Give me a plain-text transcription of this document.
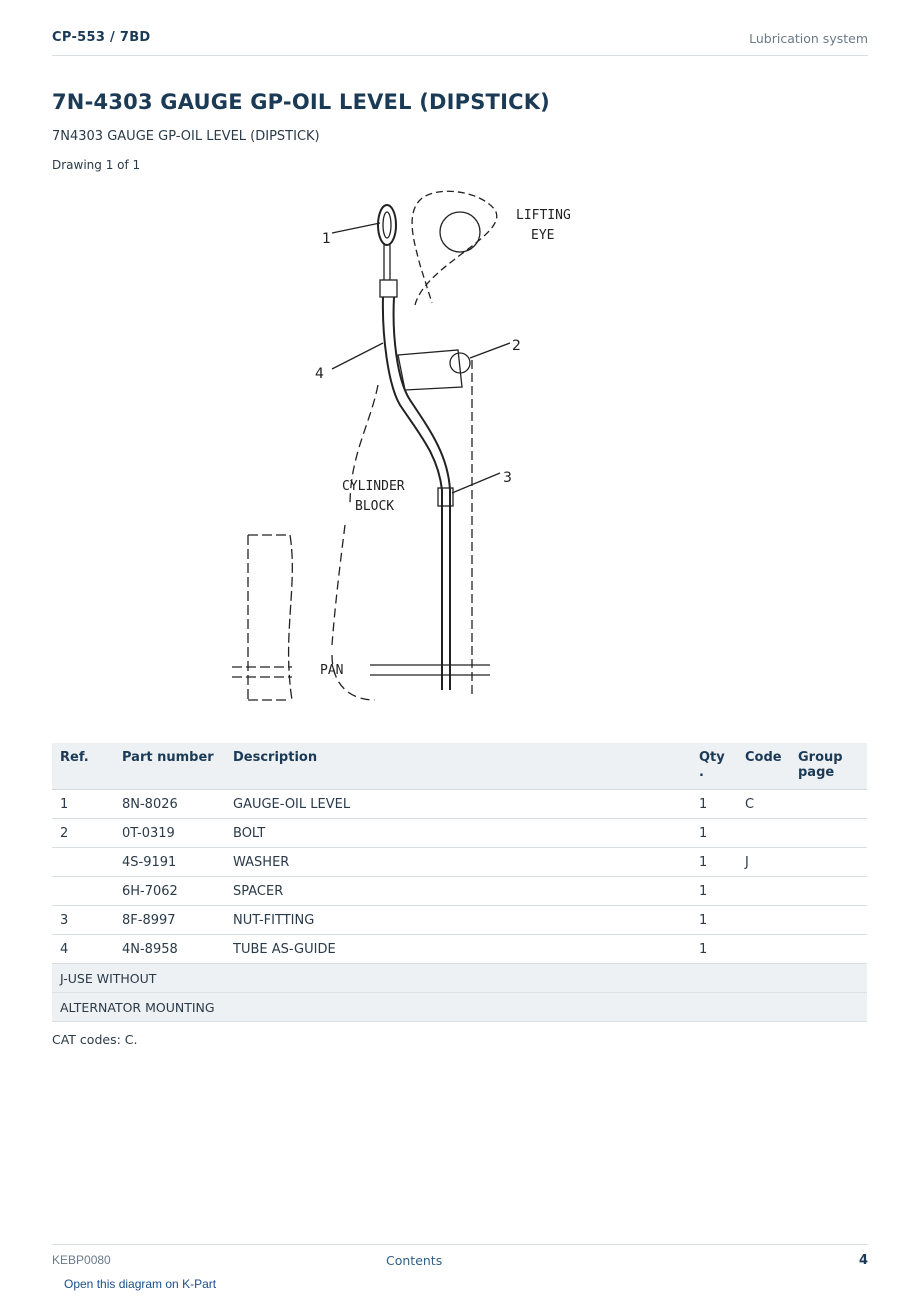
CP-553 / 7BD	Lubrication system
7N-4303 GAUGE GP-OIL LEVEL (DIPSTICK)
7N4303 GAUGE GP-OIL LEVEL (DIPSTICK)
Drawing 1 of 1
LIFTING
EYE
CYLINDER
BLOCK
PAN
1
2
3
4
Ref.	Part number	Description	Qty .	Code	Group page
1	8N-8026	GAUGE-OIL LEVEL	1	C	
2	0T-0319	BOLT	1		
	4S-9191	WASHER	1	J	
	6H-7062	SPACER	1		
3	8F-8997	NUT-FITTING	1		
4	4N-8958	TUBE AS-GUIDE	1		
J-USE WITHOUT					
ALTERNATOR MOUNTING					
CAT codes: C.
KEBP0080	Contents	4
Open this diagram on K-Part
